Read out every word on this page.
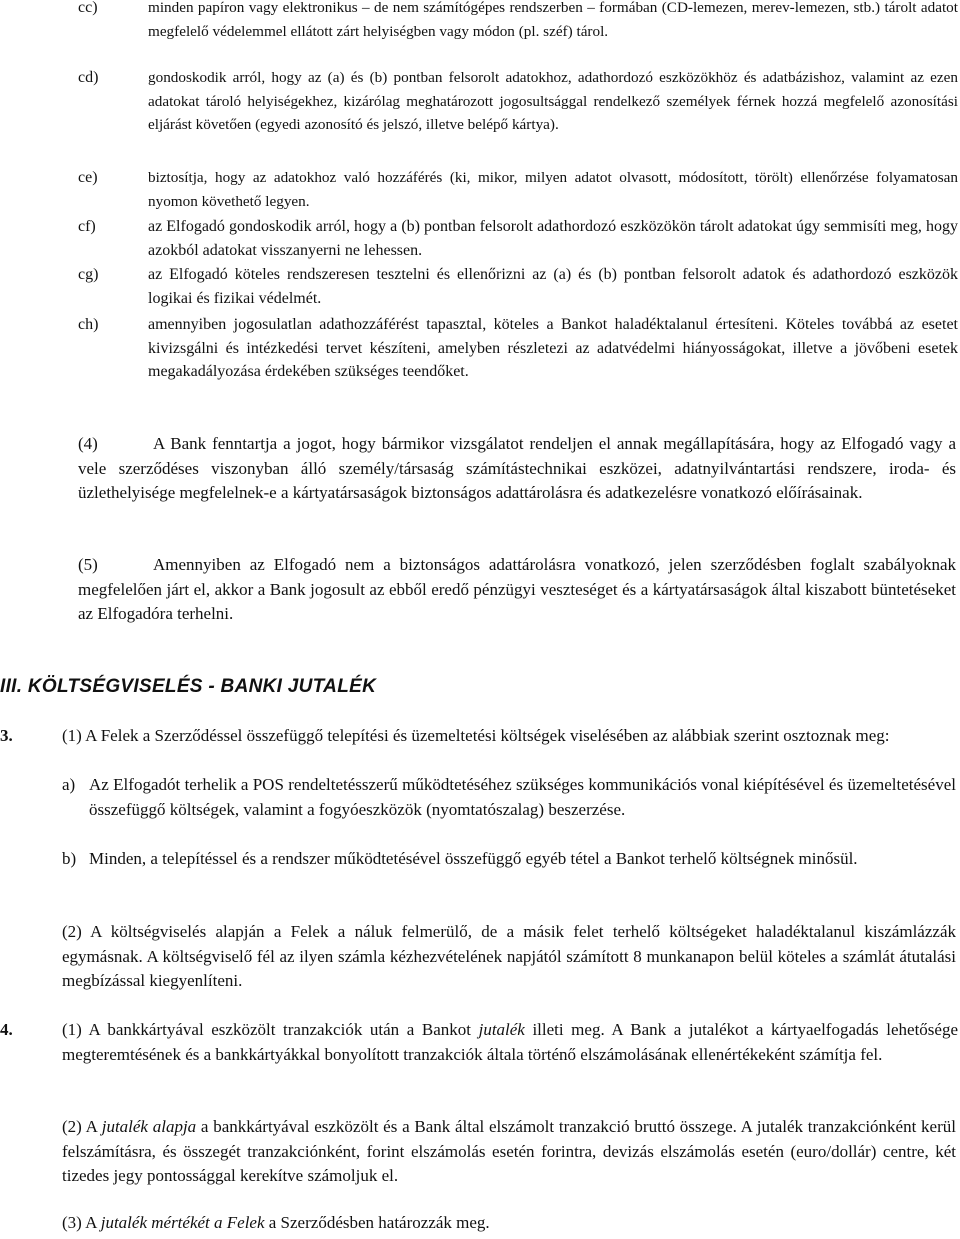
cc)	minden papíron vagy elektronikus – de nem számítógépes rendszerben – formában (CD-lemezen, merev-lemezen, stb.) tárolt adatot megfelelő védelemmel ellátott zárt helyiségben vagy módon (pl. széf) tárol.
cd)	gondoskodik arról, hogy az (a) és (b) pontban felsorolt adatokhoz, adathordozó eszközökhöz és adatbázishoz, valamint az ezen adatokat tároló helyiségekhez, kizárólag meghatározott jogosultsággal rendelkező személyek férnek hozzá megfelelő azonosítási eljárást követően (egyedi azonosító és jelszó, illetve belépő kártya).
ce)	biztosítja, hogy az adatokhoz való hozzáférés (ki, mikor, milyen adatot olvasott, módosított, törölt) ellenőrzése folyamatosan nyomon követhető legyen.
cf)	az Elfogadó gondoskodik arról, hogy a (b) pontban felsorolt adathordozó eszközökön tárolt adatokat úgy semmisíti meg, hogy azokból adatokat visszanyerni ne lehessen.
cg)	az Elfogadó köteles rendszeresen tesztelni és ellenőrizni az (a) és (b) pontban felsorolt adatok és adathordozó eszközök logikai és fizikai védelmét.
ch)	amennyiben jogosulatlan adathozzáférést tapasztal, köteles a Bankot haladéktalanul értesíteni. Köteles továbbá az esetet kivizsgálni és intézkedési tervet készíteni, amelyben részletezi az adatvédelmi hiányosságokat, illetve a jövőbeni esetek megakadályozása érdekében szükséges teendőket.
(4)	A Bank fenntartja a jogot, hogy bármikor vizsgálatot rendeljen el annak megállapítására, hogy az Elfogadó vagy a vele szerződéses viszonyban álló személy/társaság számítástechnikai eszközei, adatnyilvántartási rendszere, iroda- és üzlethelyisége megfelelnek-e a kártyatársaságok biztonságos adattárolásra és adatkezelésre vonatkozó előírásainak.
(5)	Amennyiben az Elfogadó nem a biztonságos adattárolásra vonatkozó, jelen szerződésben foglalt szabályoknak megfelelően járt el, akkor a Bank jogosult az ebből eredő pénzügyi veszteséget és a kártyatársaságok által kiszabott büntetéseket az Elfogadóra terhelni.
III. KÖLTSÉGVISELÉS - BANKI JUTALÉK
3.	(1) A Felek a Szerződéssel összefüggő telepítési és üzemeltetési költségek viselésében az alábbiak szerint osztoznak meg:
a) Az Elfogadót terhelik a POS rendeltetésszerű működtetéséhez szükséges kommunikációs vonal kiépítésével és üzemeltetésével összefüggő költségek, valamint a fogyóeszközök (nyomtatószalag) beszerzése.
b) Minden, a telepítéssel és a rendszer működtetésével összefüggő egyéb tétel a Bankot terhelő költségnek minősül.
(2) A költségviselés alapján a Felek a náluk felmerülő, de a másik felet terhelő költségeket haladéktalanul kiszámlázzák egymásnak. A költségviselő fél az ilyen számla kézhezvételének napjától számított 8 munkanapon belül köteles a számlát átutalási megbízással kiegyenlíteni.
4.	(1) A bankkártyával eszközölt tranzakciók után a Bankot jutalék illeti meg. A Bank a jutalékot a kártyaelfogadás lehetősége megteremtésének és a bankkártyákkal bonyolított tranzakciók általa történő elszámolásának ellenértékeként számítja fel.
(2) A jutalék alapja a bankkártyával eszközölt és a Bank által elszámolt tranzakció bruttó összege. A jutalék tranzakciónként kerül felszámításra, és összegét tranzakciónként, forint elszámolás esetén forintra, devizás elszámolás esetén (euro/dollár) centre, két tizedes jegy pontossággal kerekítve számoljuk el.
(3) A jutalék mértékét a Felek a Szerződésben határozzák meg.
